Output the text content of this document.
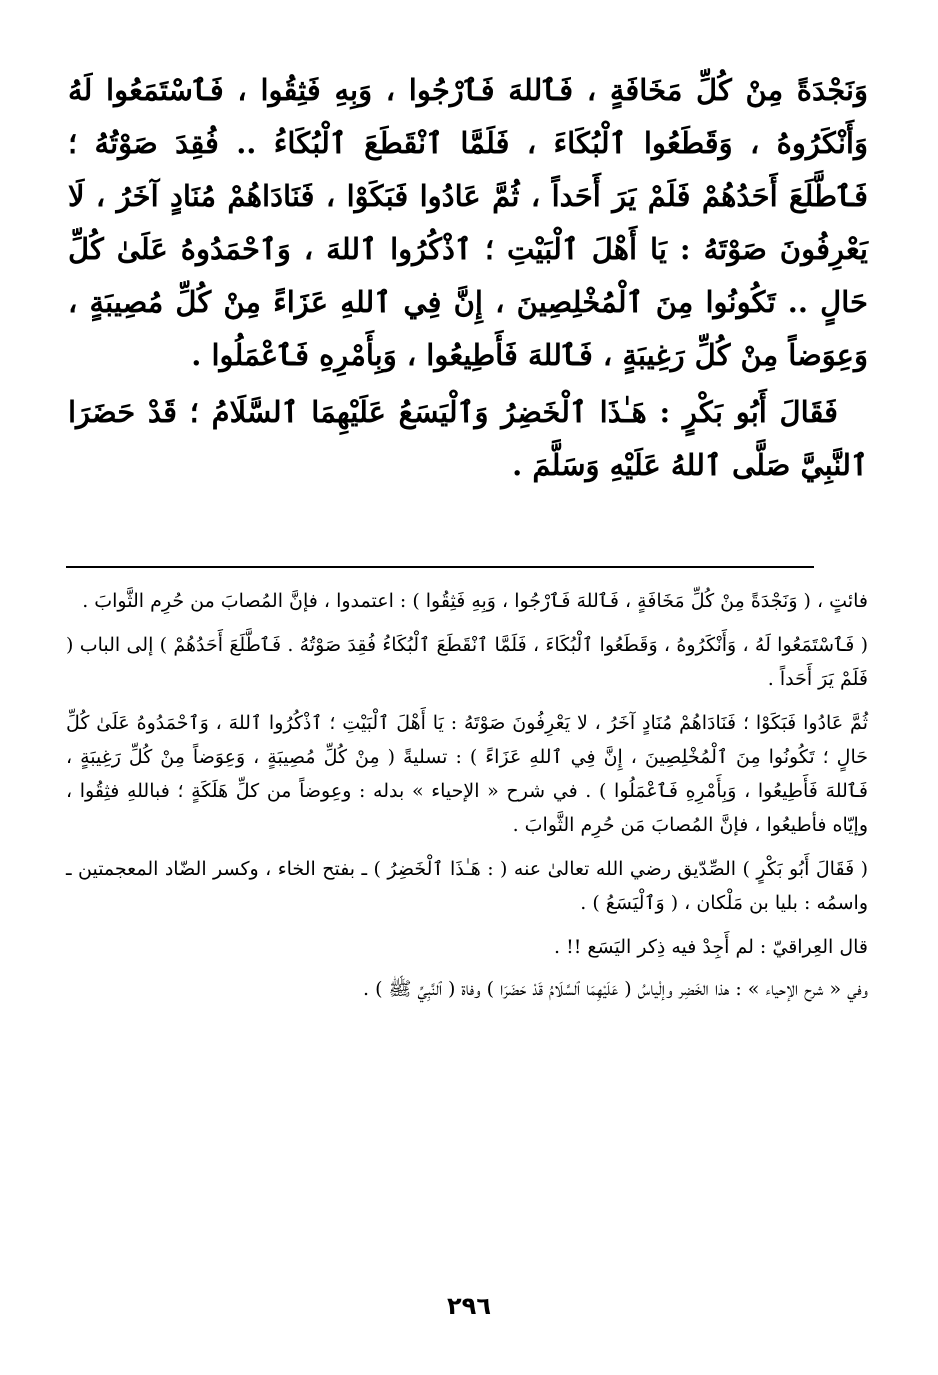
وَنَجْدَةً مِنْ كُلِّ مَخَافَةٍ ، فَٱللهَ فَٱرْجُوا ، وَبِهِ فَثِقُوا ، فَٱسْتَمَعُوا لَهُ وَأَنْكَرُوهُ ، وَقَطَعُوا ٱلْبُكَاءَ ، فَلَمَّا ٱنْقَطَعَ ٱلْبُكَاءُ .. فُقِدَ صَوْتُهُ ؛ فَٱطَّلَعَ أَحَدُهُمْ فَلَمْ يَرَ أَحَداً ، ثُمَّ عَادُوا فَبَكَوْا ، فَنَادَاهُمْ مُنَادٍ آخَرُ ، لَا يَعْرِفُونَ صَوْتَهُ : يَا أَهْلَ ٱلْبَيْتِ ؛ ٱذْكُرُوا ٱللهَ ، وَٱحْمَدُوهُ عَلَىٰ كُلِّ حَالٍ .. تَكُونُوا مِنَ ٱلْمُخْلِصِينَ ، إِنَّ فِي ٱللهِ عَزَاءً مِنْ كُلِّ مُصِيبَةٍ ، وَعِوَضاً مِنْ كُلِّ رَغِيبَةٍ ، فَٱللهَ فَأَطِيعُوا ، وَبِأَمْرِهِ فَٱعْمَلُوا .

فَقَالَ أَبُو بَكْرٍ : هَـٰذَا ٱلْخَضِرُ وَٱلْيَسَعُ عَلَيْهِمَا ٱلسَّلَامُ ؛ قَدْ حَضَرَا ٱلنَّبِيَّ صَلَّى ٱللهُ عَلَيْهِ وَسَلَّمَ .

فائتٍ ، ( وَنَجْدَةً مِنْ كُلِّ مَخَافَةٍ ، فَٱللهَ فَٱرْجُوا ، وَبِهِ فَثِقُوا ) : اعتمدوا ، فإنَّ المُصابَ من حُرِم الثَّوابَ .

( فَٱسْتَمَعُوا لَهُ ، وَأَنْكَرُوهُ ، وَقَطَعُوا ٱلْبُكَاءَ ، فَلَمَّا ٱنْقَطَعَ ٱلْبُكَاءُ فُقِدَ صَوْتُهُ . فَٱطَّلَعَ أَحَدُهُمْ ) إلى الباب ( فَلَمْ يَرَ أَحَداً .

ثُمَّ عَادُوا فَبَكَوْا ؛ فَنَادَاهُمْ مُنَادٍ آخَرُ ، لا يَعْرِفُونَ صَوْتَهُ : يَا أَهْلَ ٱلْبَيْتِ ؛ ٱذْكُرُوا ٱللهَ ، وَٱحْمَدُوهُ عَلَىٰ كُلِّ حَالٍ ؛ تَكُونُوا مِنَ ٱلْمُخْلِصِينَ ، إِنَّ فِي ٱللهِ عَزَاءً ) : تسليةً ( مِنْ كُلِّ مُصِيبَةٍ ، وَعِوَضاً مِنْ كُلِّ رَغِيبَةٍ ، فَٱللهَ فَأَطِيعُوا ، وَبِأَمْرِهِ فَٱعْمَلُوا ) . في شرح « الإحياء » بدله : وعِوضاً من كلِّ هَلَكَةٍ ؛ فباللهِ فثِقُوا ، وإيّاه فأطيعُوا ، فإنَّ المُصابَ مَن حُرِم الثَّوابَ .

( فَقَالَ أَبُو بَكْرٍ ) الصِّدّيق رضي الله تعالىٰ عنه ( : هَـٰذَا ٱلْخَضِرُ ) ـ بفتح الخاء ، وكسر الضّاد المعجمتين ـ واسمُه : بليا بن مَلْكان ، ( وَٱلْيَسَعُ ) .

قال العِراقيّ : لم أَجِدْ فيه ذِكر اليَسَع !! .

وفي « شرح الإحياء » : هذا الخَضِر وإلْياسُ ( عَلَيْهِمَا ٱلسَّلَامُ قَدْ حَضَرَا ) وفاة ( ٱلنَّبِيِّ ﷺ ) .

٢٩٦
